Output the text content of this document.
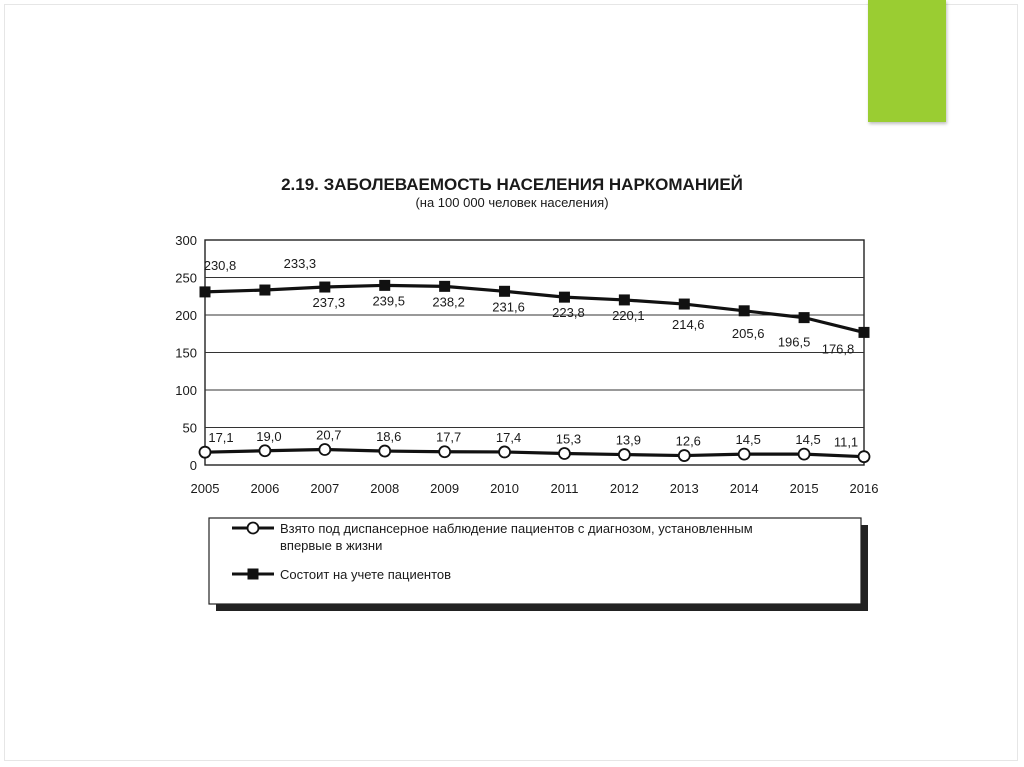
2.19. ЗАБОЛЕВАЕМОСТЬ НАСЕЛЕНИЯ НАРКОМАНИЕЙ
(на 100 000 человек населения)
0
50
100
150
200
250
300
2005 2006 2007 2008 2009 2010 2011 2012 2013 2014 2015 2016
230,8	233,3
237,3 239,5 238,2 231,6 223,8 220,1
214,6
205,6
196,5 176,8
17,1 19,0	20,7	18,6	17,7	17,4	15,3	13,9	12,6	14,5	14,5 11,1
Взято под диспансерное наблюдение пациентов с диагнозом, установленным
впервые в жизни
Состоит на учете пациентов
